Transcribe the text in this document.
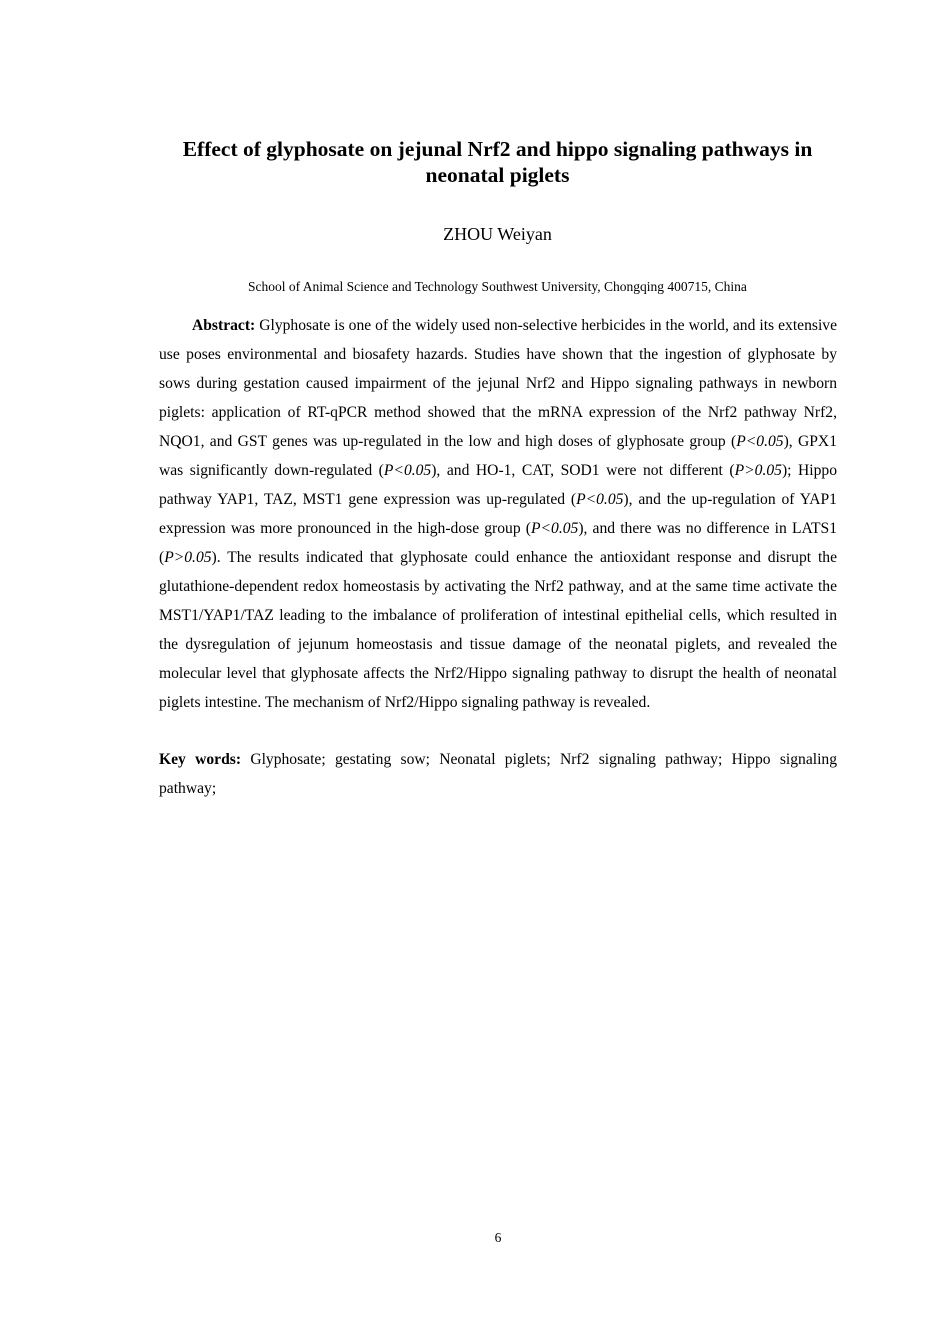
Effect of glyphosate on jejunal Nrf2 and hippo signaling pathways in neonatal piglets
ZHOU Weiyan
School of Animal Science and Technology Southwest University, Chongqing 400715, China

Abstract: Glyphosate is one of the widely used non-selective herbicides in the world, and its extensive use poses environmental and biosafety hazards. Studies have shown that the ingestion of glyphosate by sows during gestation caused impairment of the jejunal Nrf2 and Hippo signaling pathways in newborn piglets: application of RT-qPCR method showed that the mRNA expression of the Nrf2 pathway Nrf2, NQO1, and GST genes was up-regulated in the low and high doses of glyphosate group (P<0.05), GPX1 was significantly down-regulated (P<0.05), and HO-1, CAT, SOD1 were not different (P>0.05); Hippo pathway YAP1, TAZ, MST1 gene expression was up-regulated (P<0.05), and the up-regulation of YAP1 expression was more pronounced in the high-dose group (P<0.05), and there was no difference in LATS1 (P>0.05). The results indicated that glyphosate could enhance the antioxidant response and disrupt the glutathione-dependent redox homeostasis by activating the Nrf2 pathway, and at the same time activate the MST1/YAP1/TAZ leading to the imbalance of proliferation of intestinal epithelial cells, which resulted in the dysregulation of jejunum homeostasis and tissue damage of the neonatal piglets, and revealed the molecular level that glyphosate affects the Nrf2/Hippo signaling pathway to disrupt the health of neonatal piglets intestine. The mechanism of Nrf2/Hippo signaling pathway is revealed.

Key words: Glyphosate; gestating sow; Neonatal piglets; Nrf2 signaling pathway; Hippo signaling pathway;

6
